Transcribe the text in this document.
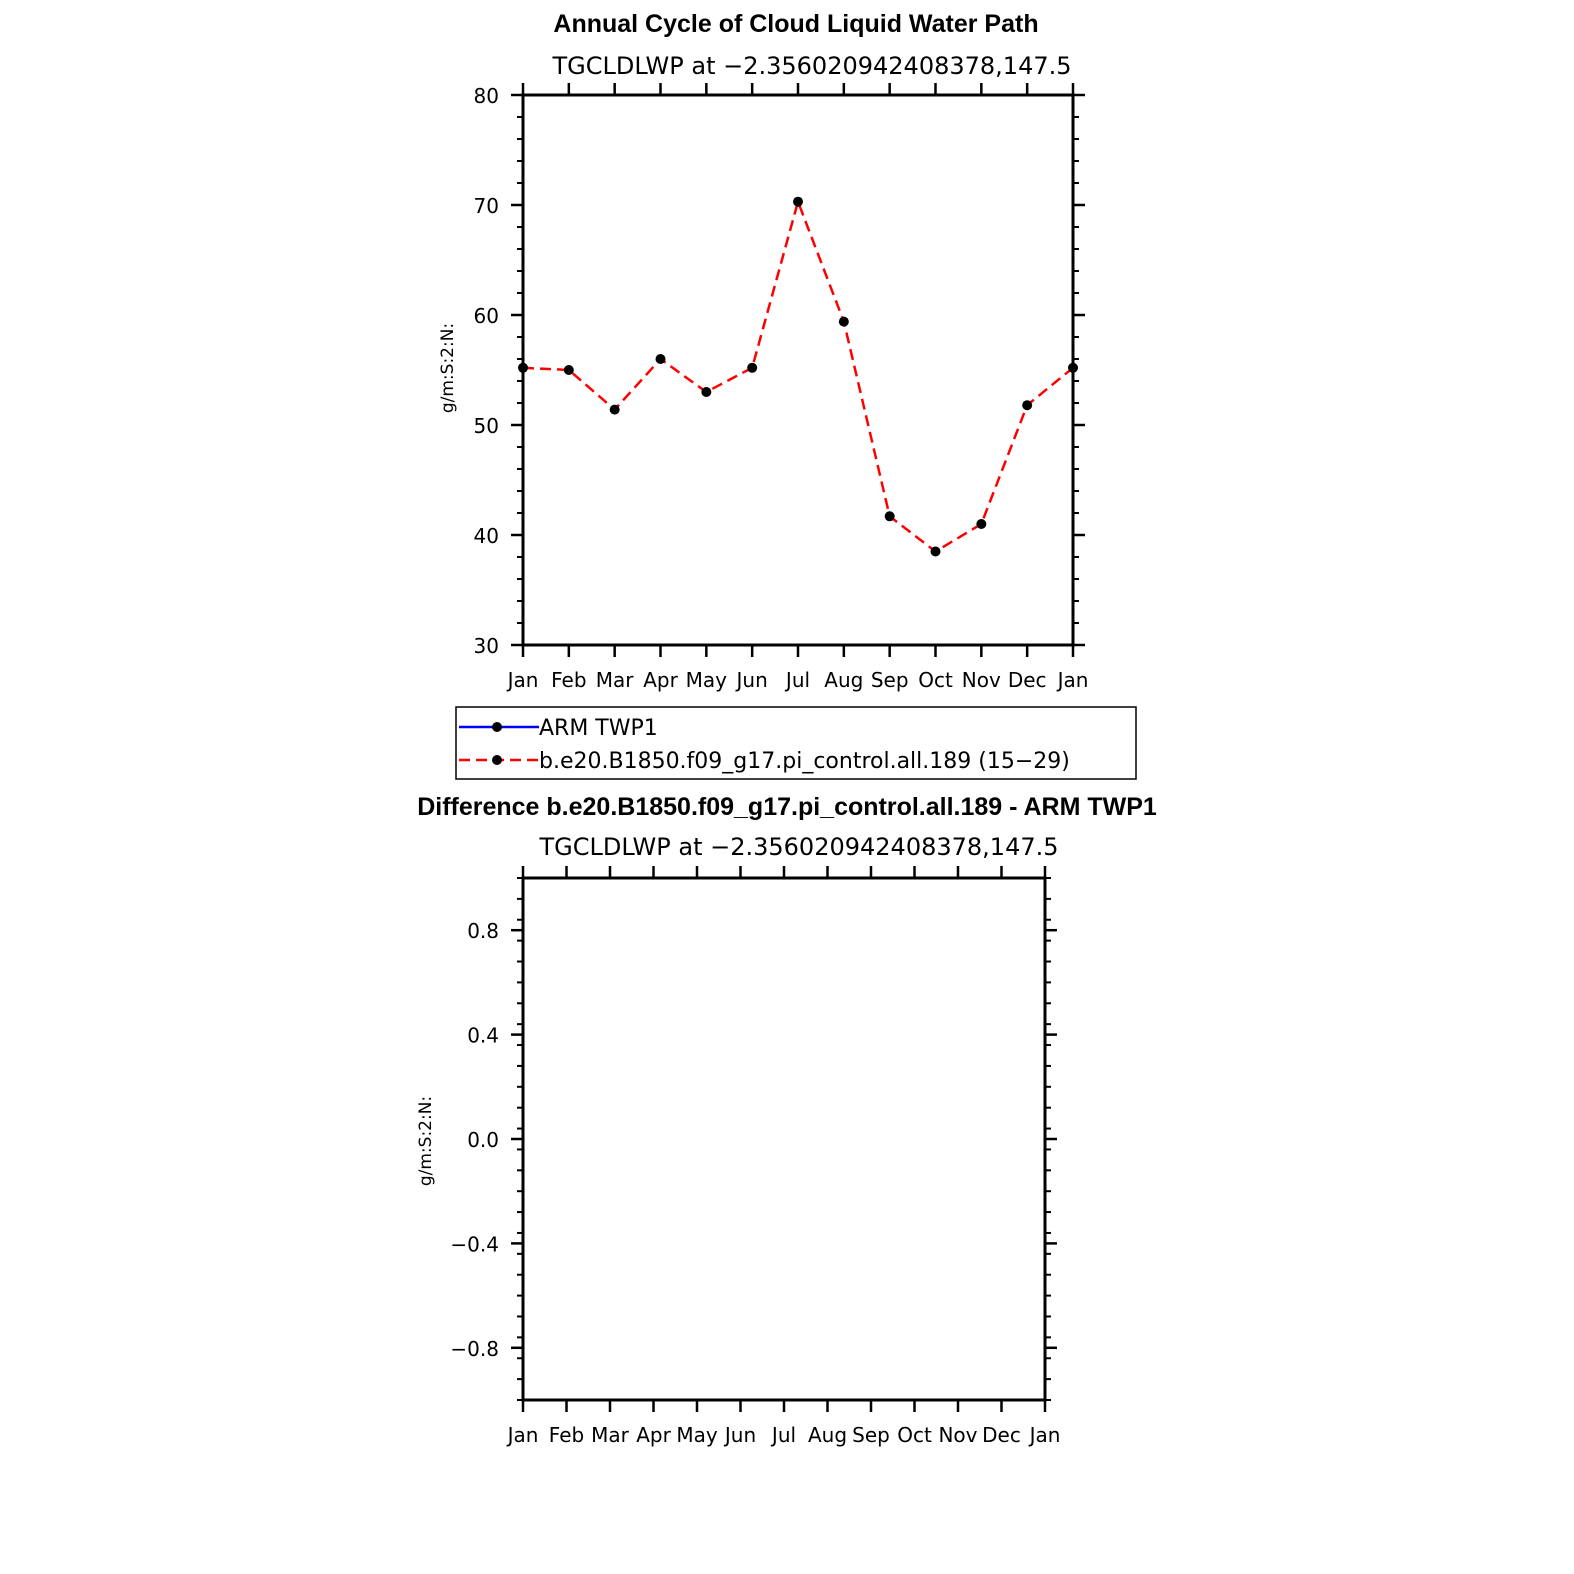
Annual Cycle of Cloud Liquid Water Path
TGCLDLWP at −2.356020942408378,147.5
Jan Feb Mar Apr May Jun Jul Aug Sep Oct Nov Dec Jan
30
40
50
60
70
80
g/m:S:2:N:
ARM TWP1
b.e20.B1850.f09_g17.pi_control.all.189 (15−29)
Difference b.e20.B1850.f09_g17.pi_control.all.189 - ARM TWP1
TGCLDLWP at −2.356020942408378,147.5
Jan Feb Mar Apr May Jun Jul Aug Sep Oct Nov Dec Jan
−0.8
−0.4
0.0
0.4
0.8
g/m:S:2:N:
